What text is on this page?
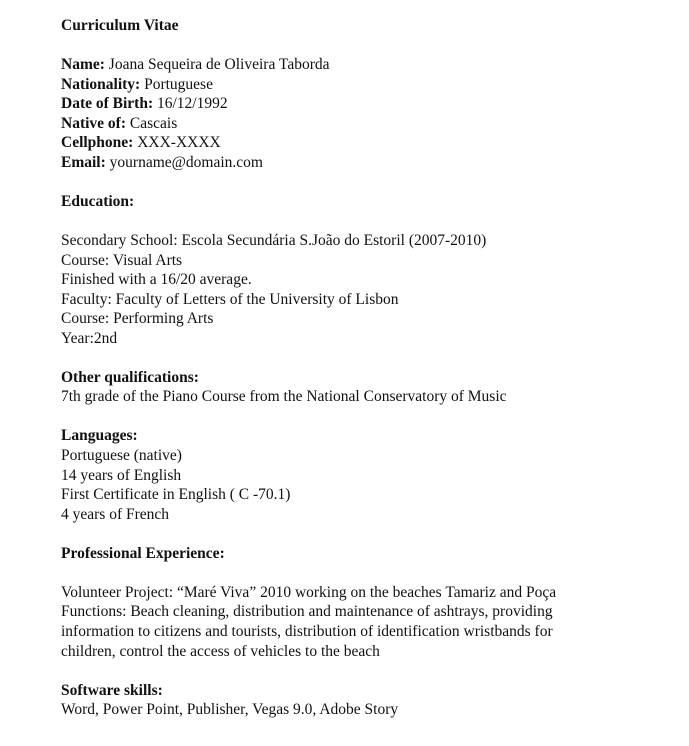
Curriculum Vitae
Name: Joana Sequeira de Oliveira Taborda
Nationality: Portuguese
Date of Birth: 16/12/1992
Native of: Cascais
Cellphone: XXX-XXXX
Email: yourname@domain.com
Education:
Secondary School: Escola Secundária S.João do Estoril (2007-2010)
Course: Visual Arts
Finished with a 16/20 average.
Faculty: Faculty of Letters of the University of Lisbon
Course: Performing Arts
Year:2nd
Other qualifications:
7th grade of the Piano Course from the National Conservatory of Music
Languages:
Portuguese (native)
14 years of English
First Certificate in English ( C -70.1)
4 years of French
Professional Experience:
Volunteer Project: “Maré Viva” 2010 working on the beaches Tamariz and Poça
Functions: Beach cleaning, distribution and maintenance of ashtrays, providing
information to citizens and tourists, distribution of identification wristbands for
children, control the access of vehicles to the beach
Software skills:
Word, Power Point, Publisher, Vegas 9.0, Adobe Story
